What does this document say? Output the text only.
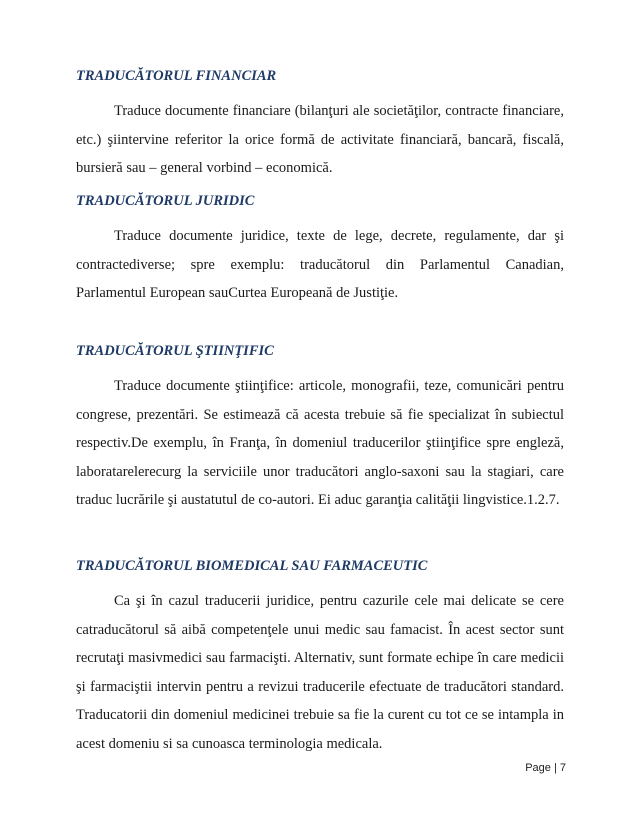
TRADUCĂTORUL FINANCIAR

Traduce documente financiare (bilanţuri ale societăţilor, contracte financiare, etc.) şiintervine referitor la orice formă de activitate financiară, bancară, fiscală, bursieră sau – general vorbind – economică.

TRADUCĂTORUL JURIDIC

Traduce documente juridice, texte de lege, decrete, regulamente, dar şi contractediverse; spre exemplu: traducătorul din Parlamentul Canadian, Parlamentul European sauCurtea Europeană de Justiţie.

TRADUCĂTORUL ŞTIINŢIFIC

Traduce documente ştiinţifice: articole, monografii, teze, comunicări pentru congrese, prezentări. Se estimează că acesta trebuie să fie specializat în subiectul respectiv.De exemplu, în Franţa, în domeniul traducerilor ştiinţifice spre engleză, laboratarelerecurg la serviciile unor traducători anglo-saxoni sau la stagiari, care traduc lucrările şi austatutul de co-autori. Ei aduc garanţia calităţii lingvistice.1.2.7.

TRADUCĂTORUL BIOMEDICAL SAU FARMACEUTIC

Ca şi în cazul traducerii juridice, pentru cazurile cele mai delicate se cere catraducătorul să aibă competenţele unui medic sau famacist. În acest sector sunt recrutaţi masivmedici sau farmacişti. Alternativ, sunt formate echipe în care medicii şi farmaciştii intervin pentru a revizui traducerile efectuate de traducători standard. Traducatorii din domeniul medicinei trebuie sa fie la curent cu tot ce se intampla in acest domeniu si sa cunoasca terminologia medicala.

Page | 7
